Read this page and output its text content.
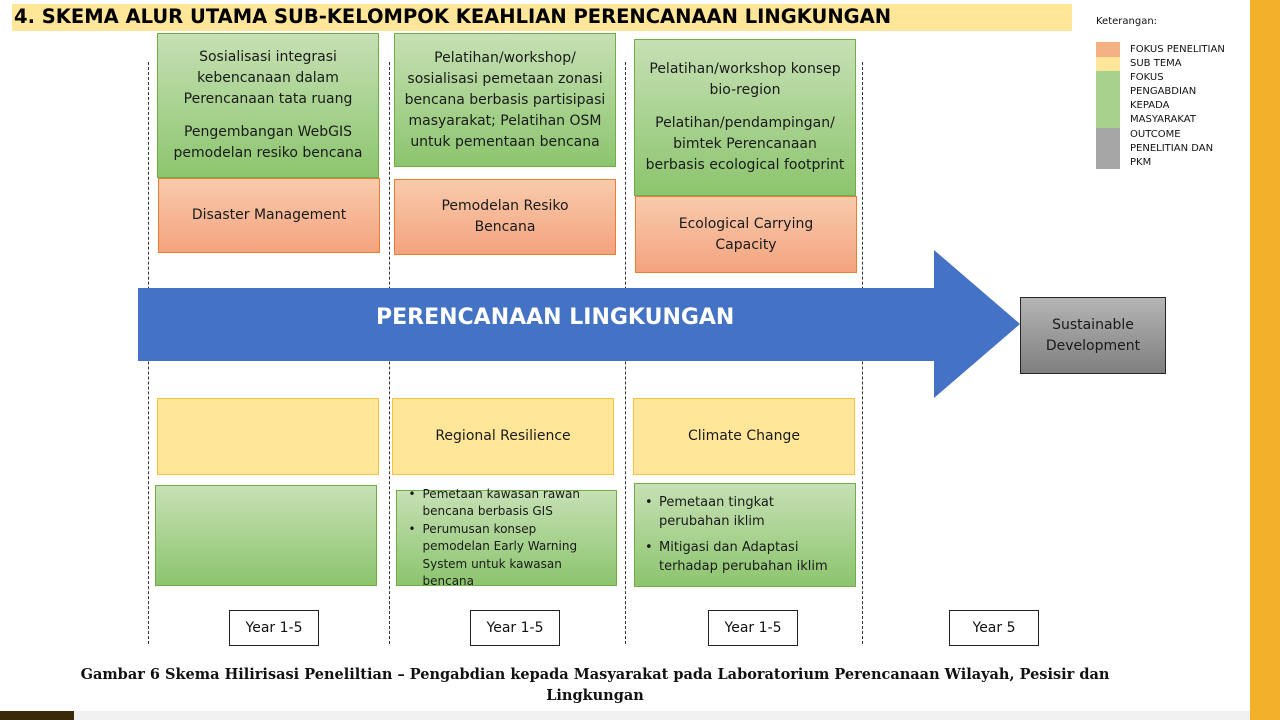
4. SKEMA ALUR UTAMA SUB-KELOMPOK KEAHLIAN PERENCANAAN LINGKUNGAN
PERENCANAAN LINGKUNGAN
Sosialisasi integrasi kebencanaan dalam Perencanaan tata ruang
Pengembangan WebGIS pemodelan resiko bencana
Disaster Management
Year 1-5
Pelatihan/workshop/ sosialisasi pemetaan zonasi bencana berbasis partisipasi masyarakat; Pelatihan OSM untuk pementaan bencana
Pemodelan Resiko Bencana
Regional Resilience
• Pemetaan kawasan rawan bencana berbasis GIS
• Perumusan konsep pemodelan Early Warning System untuk kawasan bencana
Year 1-5
Pelatihan/workshop konsep bio-region
Pelatihan/pendampingan/ bimtek Perencanaan berbasis ecological footprint
Ecological Carrying Capacity
Climate Change
• Pemetaan tingkat perubahan iklim
• Mitigasi dan Adaptasi terhadap perubahan iklim
Year 1-5
Sustainable Development
Year 5
Keterangan:
FOKUS PENELITIAN
SUB TEMA
FOKUS PENGABDIAN KEPADA MASYARAKAT
OUTCOME PENELITIAN DAN PKM
Gambar 6 Skema Hilirisasi Peneliltian – Pengabdian kepada Masyarakat pada Laboratorium Perencanaan Wilayah, Pesisir dan Lingkungan
